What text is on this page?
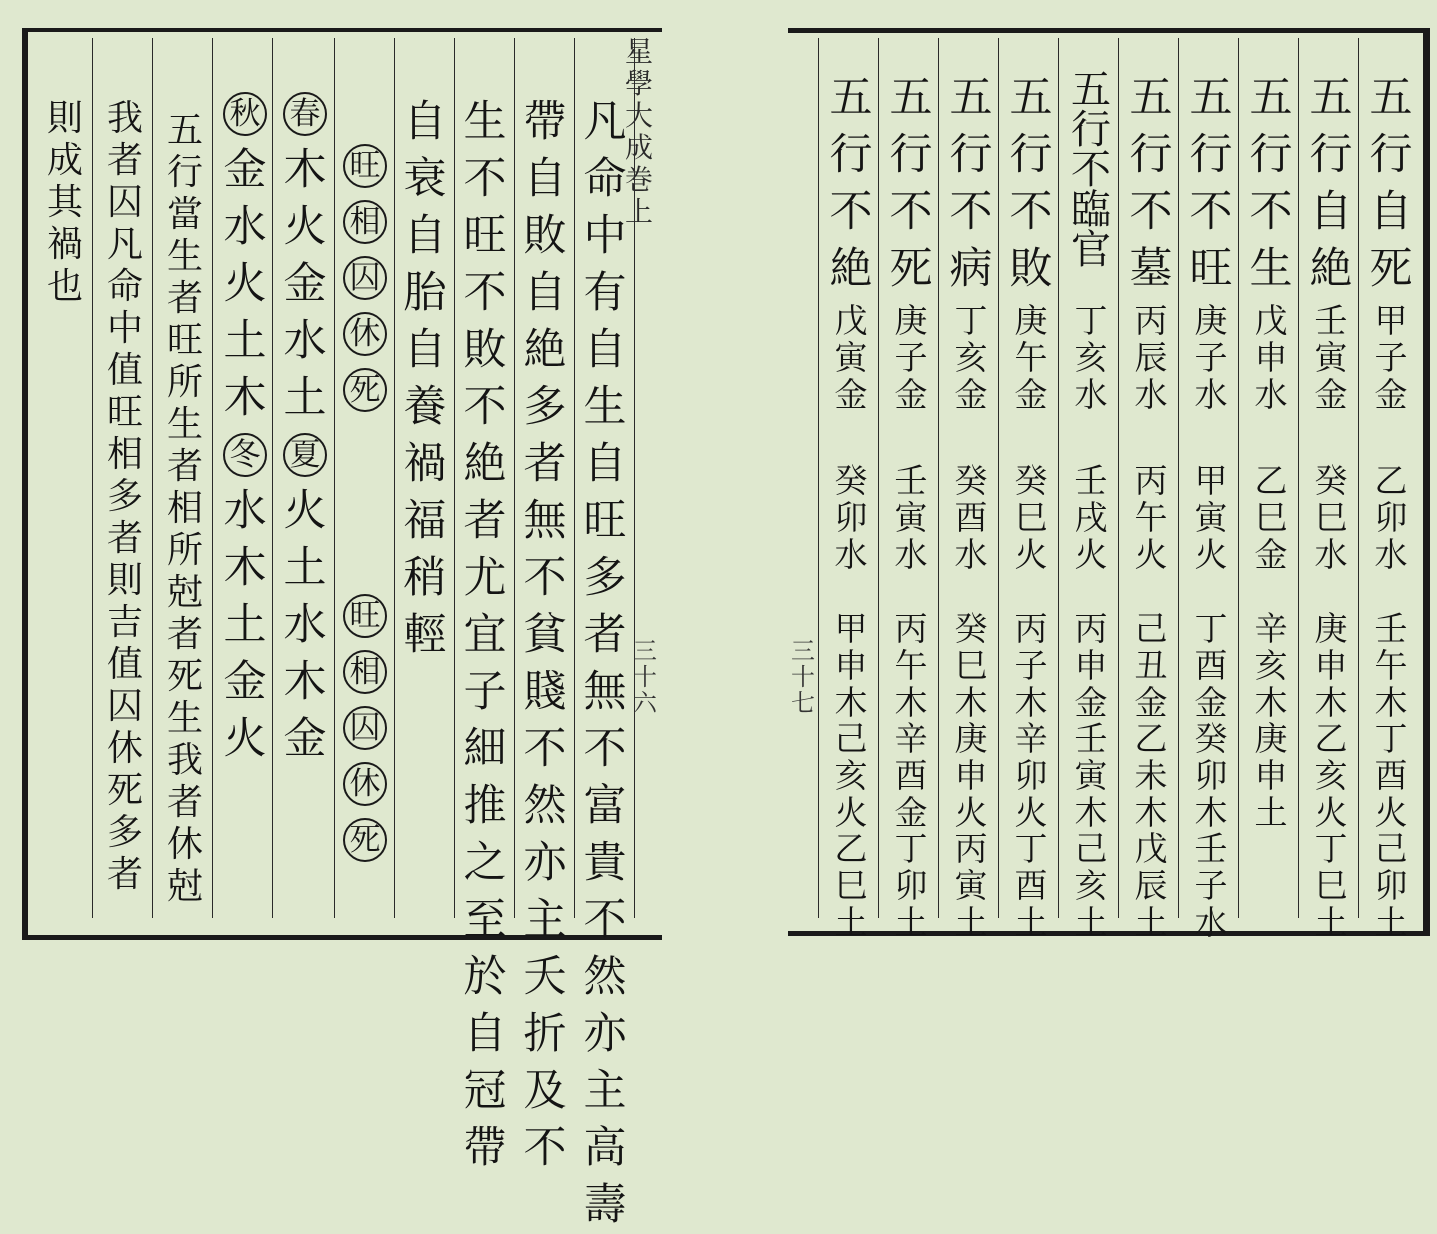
星
學
大
成
巻
上
三
十
六
凡
命
中
有
自
生
自
旺
多
者
無
不
富
貴
不
然
亦
主
高
壽
帶
自
敗
自
絶
多
者
無
不
貧
賤
不
然
亦
主
夭
折
及
不
生
不
旺
不
敗
不
絶
者
尤
宜
子
細
推
之
至
於
自
冠
帶
自
衰
自
胎
自
養
禍
福
稍
輕
旺
相
囚
休
死
旺
相
囚
休
死
春
木
火
金
水
土
夏
火
土
水
木
金
秋
金
水
火
土
木
冬
水
木
土
金
火
五
行
當
生
者
旺
所
生
者
相
所
尅
者
死
生
我
者
休
尅
我
者
囚
凡
命
中
值
旺
相
多
者
則
吉
值
囚
休
死
多
者
則
成
其
禍
也
三
十
七
五
行
自
死
甲
子
金
乙
卯
水
壬
午
木
丁
酉
火
己
卯
土
五
行
自
絶
壬
寅
金
癸
巳
水
庚
申
木
乙
亥
火
丁
巳
土
五
行
不
生
戊
申
水
乙
巳
金
辛
亥
木
庚
申
土
五
行
不
旺
庚
子
水
甲
寅
火
丁
酉
金
癸
卯
木
壬
子
水
五
行
不
墓
丙
辰
水
丙
午
火
己
丑
金
乙
未
木
戊
辰
土
五
行
不
臨
官
丁
亥
水
壬
戌
火
丙
申
金
壬
寅
木
己
亥
土
五
行
不
敗
庚
午
金
癸
巳
火
丙
子
木
辛
卯
火
丁
酉
土
五
行
不
病
丁
亥
金
癸
酉
水
癸
巳
木
庚
申
火
丙
寅
土
五
行
不
死
庚
子
金
壬
寅
水
丙
午
木
辛
酉
金
丁
卯
土
五
行
不
絶
戊
寅
金
癸
卯
水
甲
申
木
己
亥
火
乙
巳
土
